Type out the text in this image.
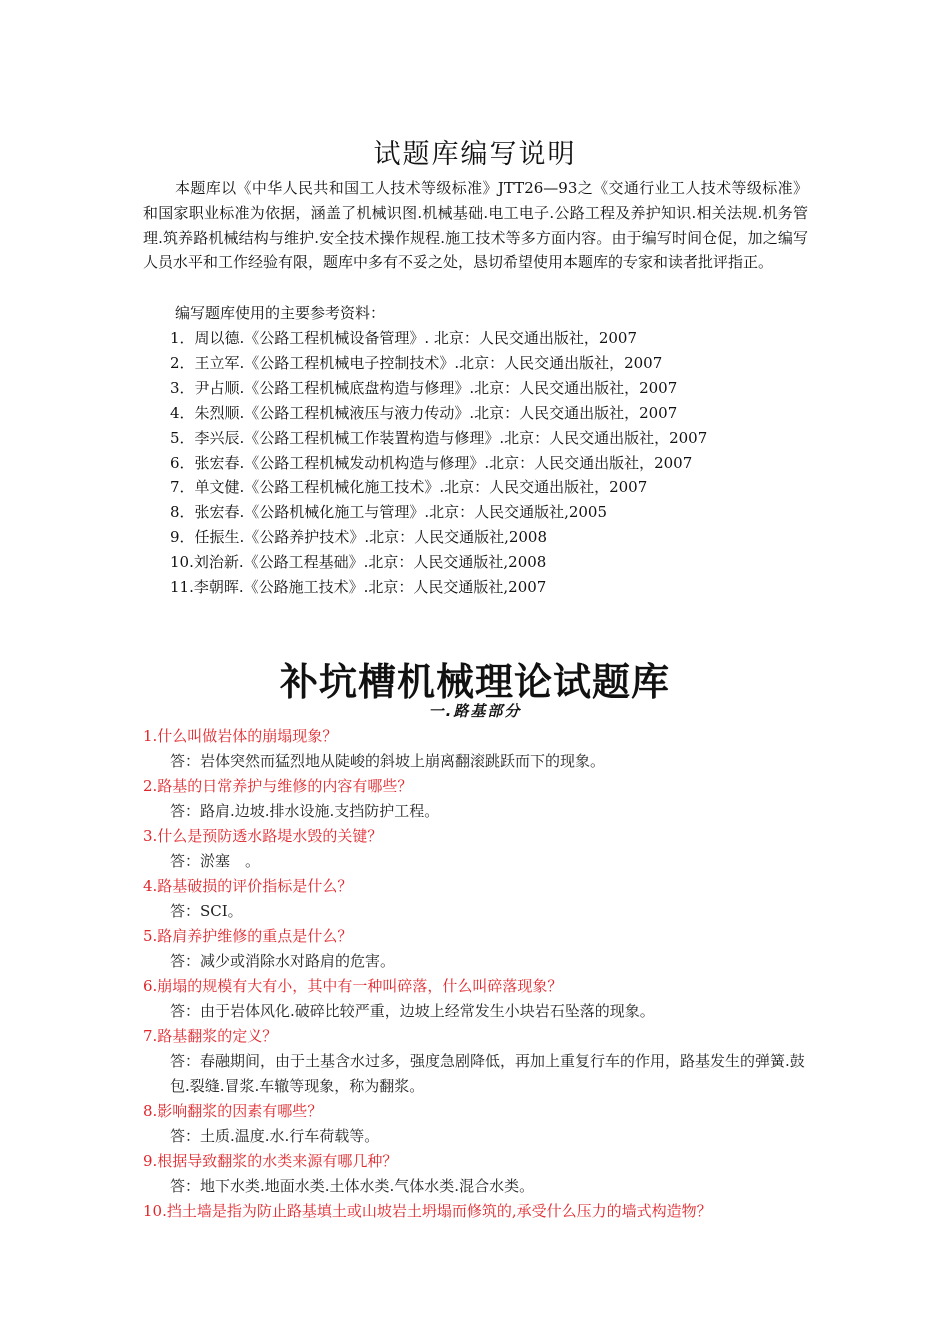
试题库编写说明

本题库以《中华人民共和国工人技术等级标准》JTT26—93之《交通行业工人技术等级标准》和国家职业标准为依据，涵盖了机械识图.机械基础.电工电子.公路工程及养护知识.相关法规.机务管理.筑养路机械结构与维护.安全技术操作规程.施工技术等多方面内容。由于编写时间仓促，加之编写人员水平和工作经验有限，题库中多有不妥之处，恳切希望使用本题库的专家和读者批评指正。

编写题库使用的主要参考资料：
1．周以德.《公路工程机械设备管理》. 北京：人民交通出版社，2007
2．王立军.《公路工程机械电子控制技术》.北京：人民交通出版社，2007
3．尹占顺.《公路工程机械底盘构造与修理》.北京：人民交通出版社，2007
4．朱烈顺.《公路工程机械液压与液力传动》.北京：人民交通出版社，2007
5．李兴辰.《公路工程机械工作装置构造与修理》.北京：人民交通出版社，2007
6．张宏春.《公路工程机械发动机构造与修理》.北京：人民交通出版社，2007
7．单文健.《公路工程机械化施工技术》.北京：人民交通出版社，2007
8．张宏春.《公路机械化施工与管理》.北京：人民交通版社,2005
9．任振生.《公路养护技术》.北京：人民交通版社,2008
10.刘治新.《公路工程基础》.北京：人民交通版社,2008
11.李朝晖.《公路施工技术》.北京：人民交通版社,2007
补坑槽机械理论试题库
一.路基部分
1.什么叫做岩体的崩塌现象？
答：岩体突然而猛烈地从陡峻的斜坡上崩离翻滚跳跃而下的现象。
2.路基的日常养护与维修的内容有哪些？
答：路肩.边坡.排水设施.支挡防护工程。
3.什么是预防透水路堤水毁的关键？
答：淤塞　。
4.路基破损的评价指标是什么？
答：SCI。
5.路肩养护维修的重点是什么？
答：减少或消除水对路肩的危害。
6.崩塌的规模有大有小，其中有一种叫碎落，什么叫碎落现象？
答：由于岩体风化.破碎比较严重，边坡上经常发生小块岩石坠落的现象。
7.路基翻浆的定义？
答：春融期间，由于土基含水过多，强度急剧降低，再加上重复行车的作用，路基发生的弹簧.鼓包.裂缝.冒浆.车辙等现象，称为翻浆。
8.影响翻浆的因素有哪些？
答：土质.温度.水.行车荷载等。
9.根据导致翻浆的水类来源有哪几种？
答：地下水类.地面水类.土体水类.气体水类.混合水类。
10.挡土墙是指为防止路基填土或山坡岩土坍塌而修筑的,承受什么压力的墙式构造物？
